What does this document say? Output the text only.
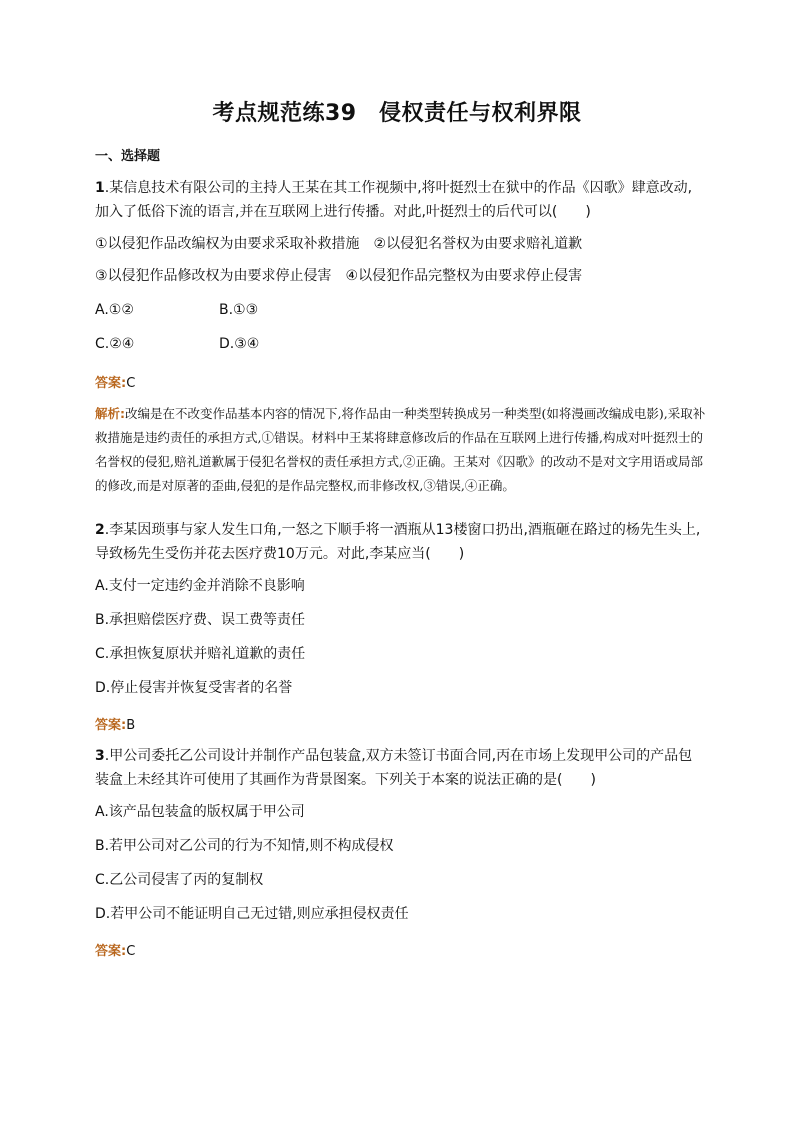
考点规范练39　侵权责任与权利界限
一、选择题
1.某信息技术有限公司的主持人王某在其工作视频中,将叶挺烈士在狱中的作品《囚歌》肆意改动,加入了低俗下流的语言,并在互联网上进行传播。对此,叶挺烈士的后代可以(　　)
①以侵犯作品改编权为由要求采取补救措施　②以侵犯名誉权为由要求赔礼道歉
③以侵犯作品修改权为由要求停止侵害　④以侵犯作品完整权为由要求停止侵害
A.①②	B.①③
C.②④	D.③④
答案:C
解析:改编是在不改变作品基本内容的情况下,将作品由一种类型转换成另一种类型(如将漫画改编成电影),采取补救措施是违约责任的承担方式,①错误。材料中王某将肆意修改后的作品在互联网上进行传播,构成对叶挺烈士的名誉权的侵犯,赔礼道歉属于侵犯名誉权的责任承担方式,②正确。王某对《囚歌》的改动不是对文字用语或局部的修改,而是对原著的歪曲,侵犯的是作品完整权,而非修改权,③错误,④正确。
2.李某因琐事与家人发生口角,一怒之下顺手将一酒瓶从13楼窗口扔出,酒瓶砸在路过的杨先生头上,导致杨先生受伤并花去医疗费10万元。对此,李某应当(　　)
A.支付一定违约金并消除不良影响
B.承担赔偿医疗费、误工费等责任
C.承担恢复原状并赔礼道歉的责任
D.停止侵害并恢复受害者的名誉
答案:B
3.甲公司委托乙公司设计并制作产品包装盒,双方未签订书面合同,丙在市场上发现甲公司的产品包装盒上未经其许可使用了其画作为背景图案。下列关于本案的说法正确的是(　　)
A.该产品包装盒的版权属于甲公司
B.若甲公司对乙公司的行为不知情,则不构成侵权
C.乙公司侵害了丙的复制权
D.若甲公司不能证明自己无过错,则应承担侵权责任
答案:C
